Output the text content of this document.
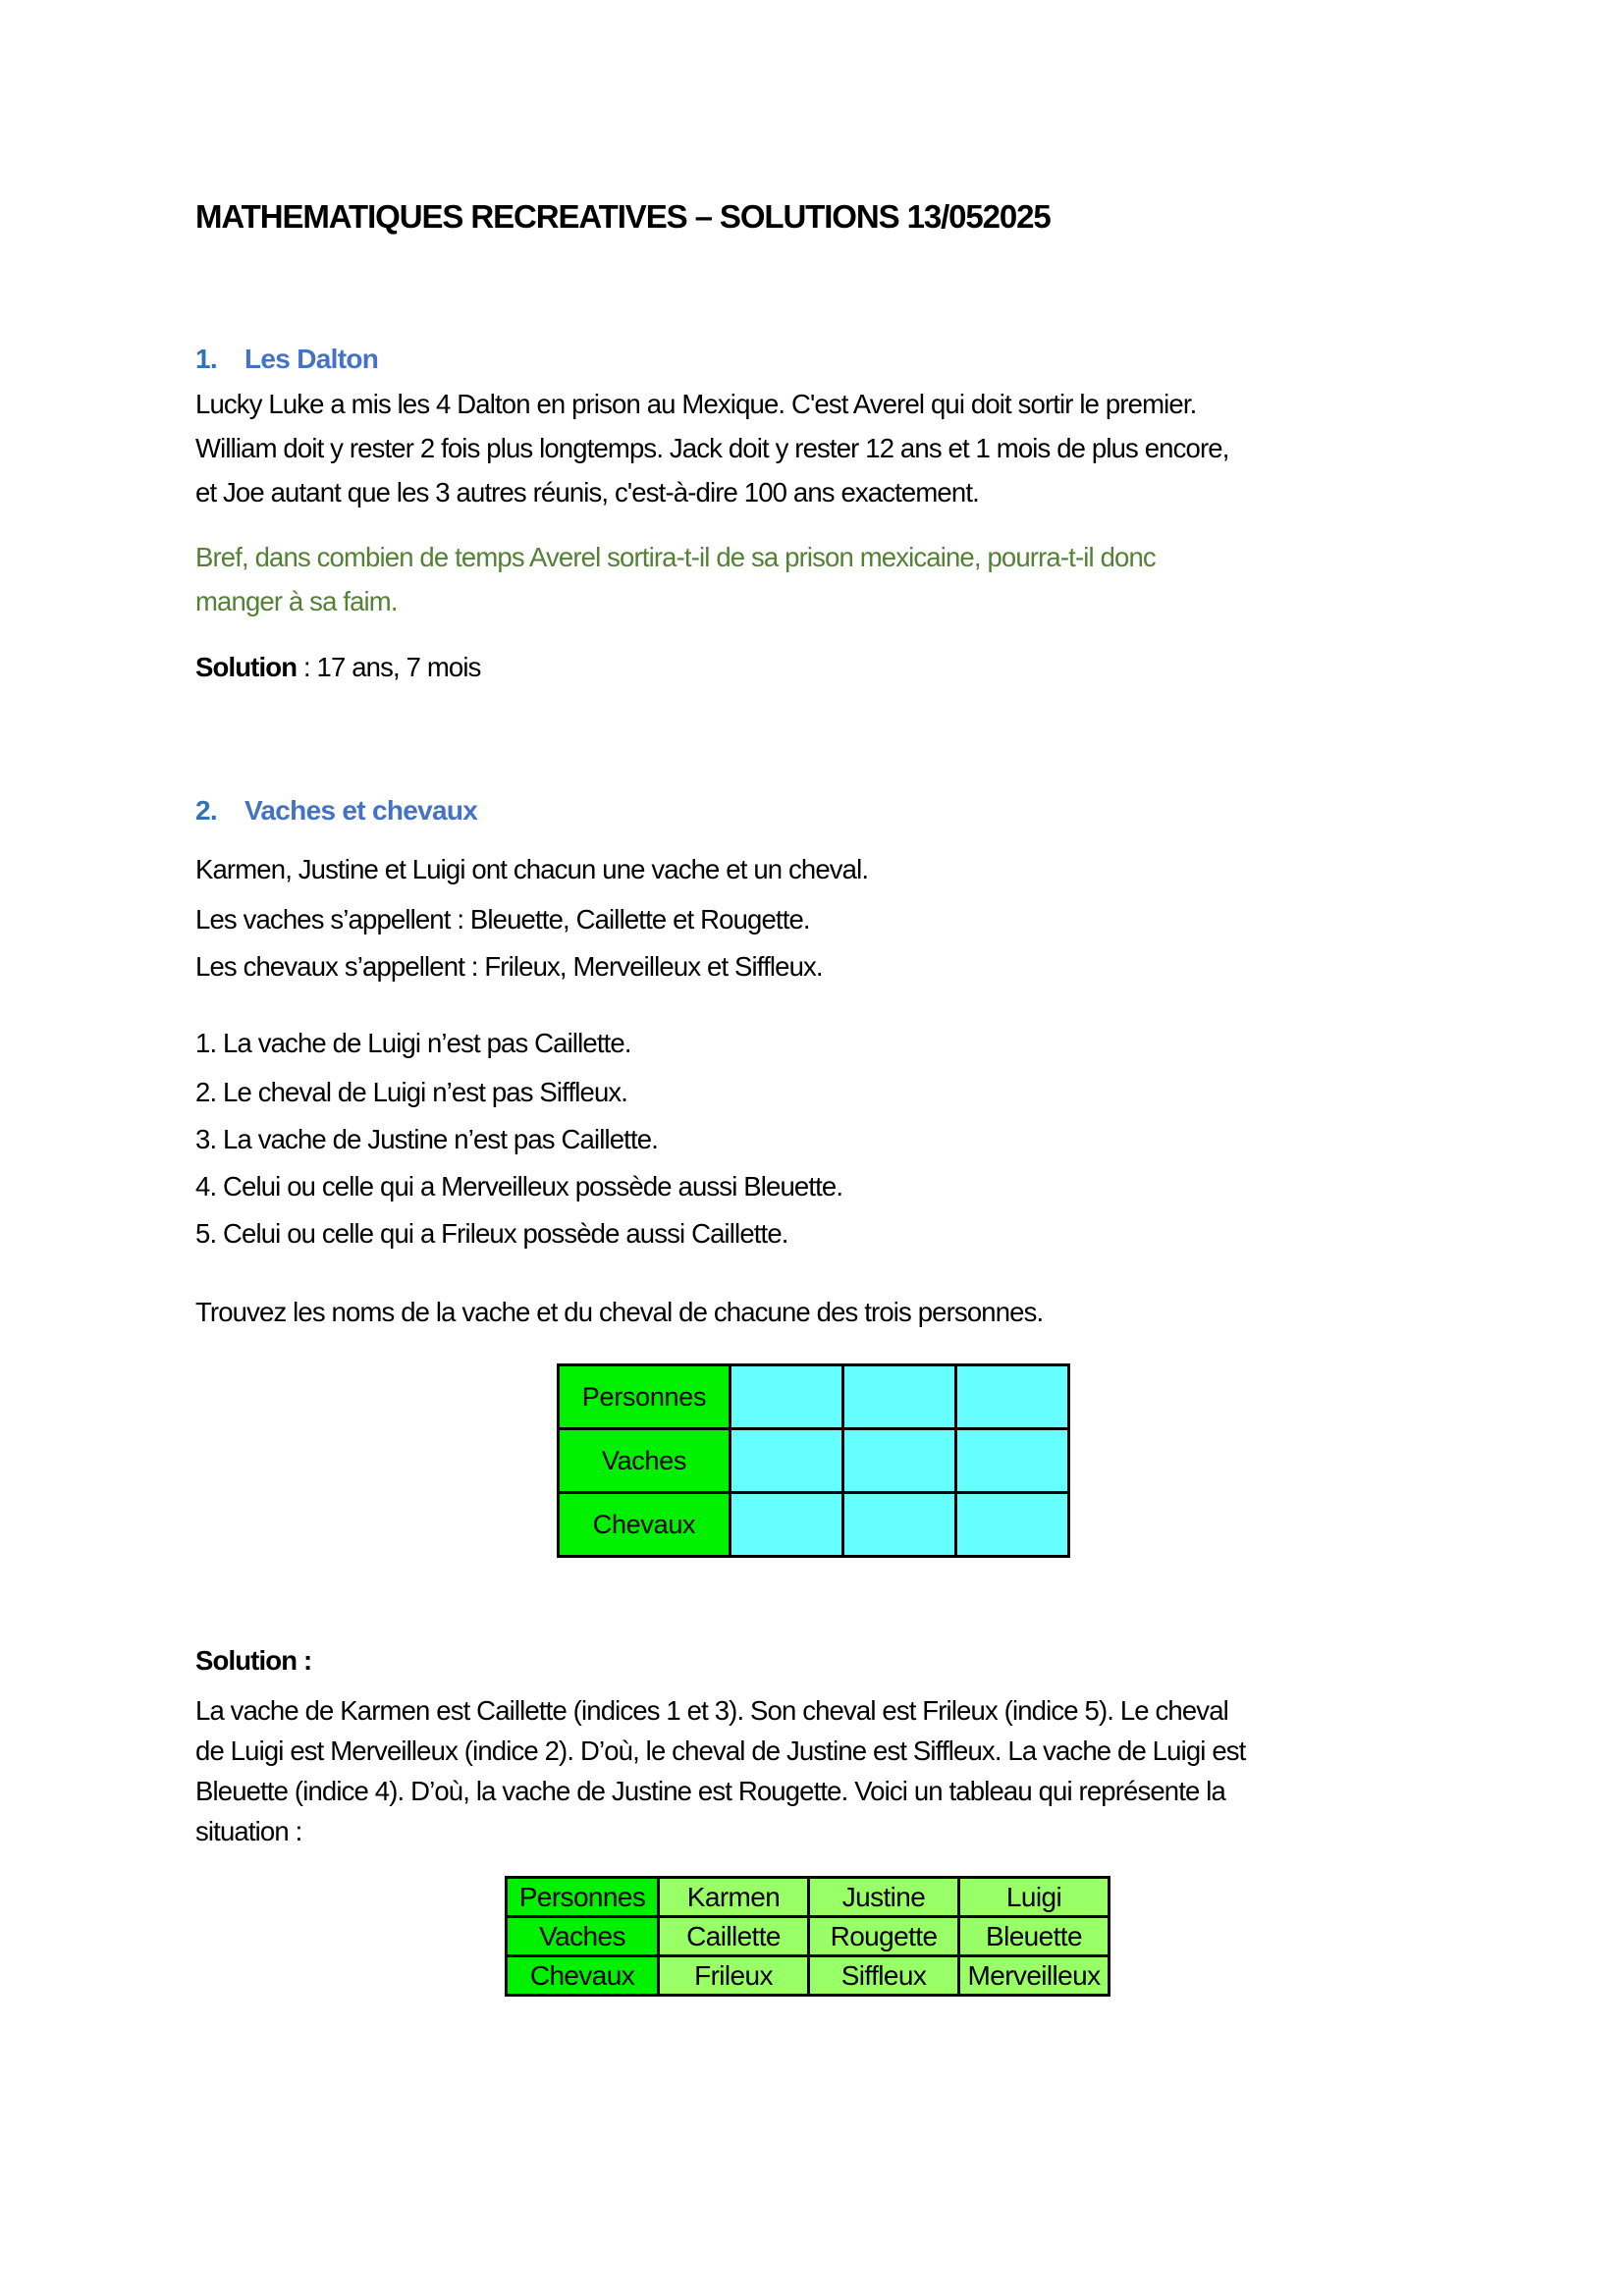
MATHEMATIQUES RECREATIVES – SOLUTIONS 13/052025
1. Les Dalton
Lucky Luke a mis les 4 Dalton en prison au Mexique. C'est Averel qui doit sortir le premier.
William doit y rester 2 fois plus longtemps. Jack doit y rester 12 ans et 1 mois de plus encore,
et Joe autant que les 3 autres réunis, c'est-à-dire 100 ans exactement.
Bref, dans combien de temps Averel sortira-t-il de sa prison mexicaine, pourra-t-il donc
manger à sa faim.
Solution : 17 ans, 7 mois
2. Vaches et chevaux
Karmen, Justine et Luigi ont chacun une vache et un cheval.
Les vaches s’appellent : Bleuette, Caillette et Rougette.
Les chevaux s’appellent : Frileux, Merveilleux et Siffleux.
1. La vache de Luigi n’est pas Caillette.
2. Le cheval de Luigi n’est pas Siffleux.
3. La vache de Justine n’est pas Caillette.
4. Celui ou celle qui a Merveilleux possède aussi Bleuette.
5. Celui ou celle qui a Frileux possède aussi Caillette.
Trouvez les noms de la vache et du cheval de chacune des trois personnes.
Personnes			
Vaches			
Chevaux			
Solution :
La vache de Karmen est Caillette (indices 1 et 3). Son cheval est Frileux (indice 5). Le cheval
de Luigi est Merveilleux (indice 2). D’où, le cheval de Justine est Siffleux. La vache de Luigi est
Bleuette (indice 4). D’où, la vache de Justine est Rougette. Voici un tableau qui représente la
situation :
Personnes	Karmen	Justine	Luigi
Vaches	Caillette	Rougette	Bleuette
Chevaux	Frileux	Siffleux	Merveilleux
